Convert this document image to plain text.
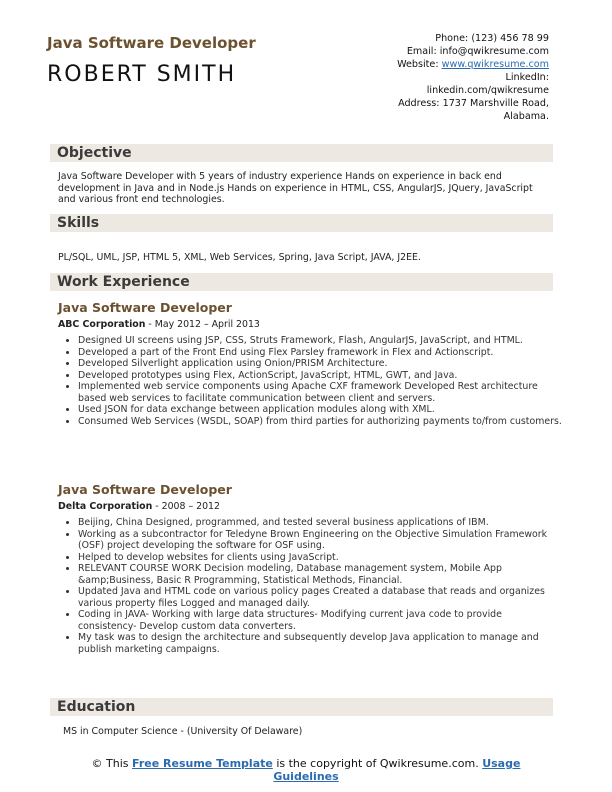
Java Software Developer
ROBERT SMITH
Phone: (123) 456 78 99
Email: info@qwikresume.com
Website: www.qwikresume.com
LinkedIn:
linkedin.com/qwikresume
Address: 1737 Marshville Road,
Alabama.
Objective
Java Software Developer with 5 years of industry experience Hands on experience in back end development in Java and in Node.js Hands on experience in HTML, CSS, AngularJS, JQuery, JavaScript and various front end technologies.
Skills
PL/SQL, UML, JSP, HTML 5, XML, Web Services, Spring, Java Script, JAVA, J2EE.
Work Experience
Java Software Developer
ABC Corporation - May 2012 – April 2013
• Designed UI screens using JSP, CSS, Struts Framework, Flash, AngularJS, JavaScript, and HTML.
• Developed a part of the Front End using Flex Parsley framework in Flex and Actionscript.
• Developed Silverlight application using Onion/PRISM Architecture.
• Developed prototypes using Flex, ActionScript, JavaScript, HTML, GWT, and Java.
• Implemented web service components using Apache CXF framework Developed Rest architecture based web services to facilitate communication between client and servers.
• Used JSON for data exchange between application modules along with XML.
• Consumed Web Services (WSDL, SOAP) from third parties for authorizing payments to/from customers.
Java Software Developer
Delta Corporation - 2008 – 2012
• Beijing, China Designed, programmed, and tested several business applications of IBM.
• Working as a subcontractor for Teledyne Brown Engineering on the Objective Simulation Framework (OSF) project developing the software for OSF using.
• Helped to develop websites for clients using JavaScript.
• RELEVANT COURSE WORK Decision modeling, Database management system, Mobile App &amp;Business, Basic R Programming, Statistical Methods, Financial.
• Updated Java and HTML code on various policy pages Created a database that reads and organizes various property files Logged and managed daily.
• Coding in JAVA- Working with large data structures- Modifying current java code to provide consistency- Develop custom data converters.
• My task was to design the architecture and subsequently develop Java application to manage and publish marketing campaigns.
Education
MS in Computer Science - (University Of Delaware)
© This Free Resume Template is the copyright of Qwikresume.com. Usage
Guidelines
